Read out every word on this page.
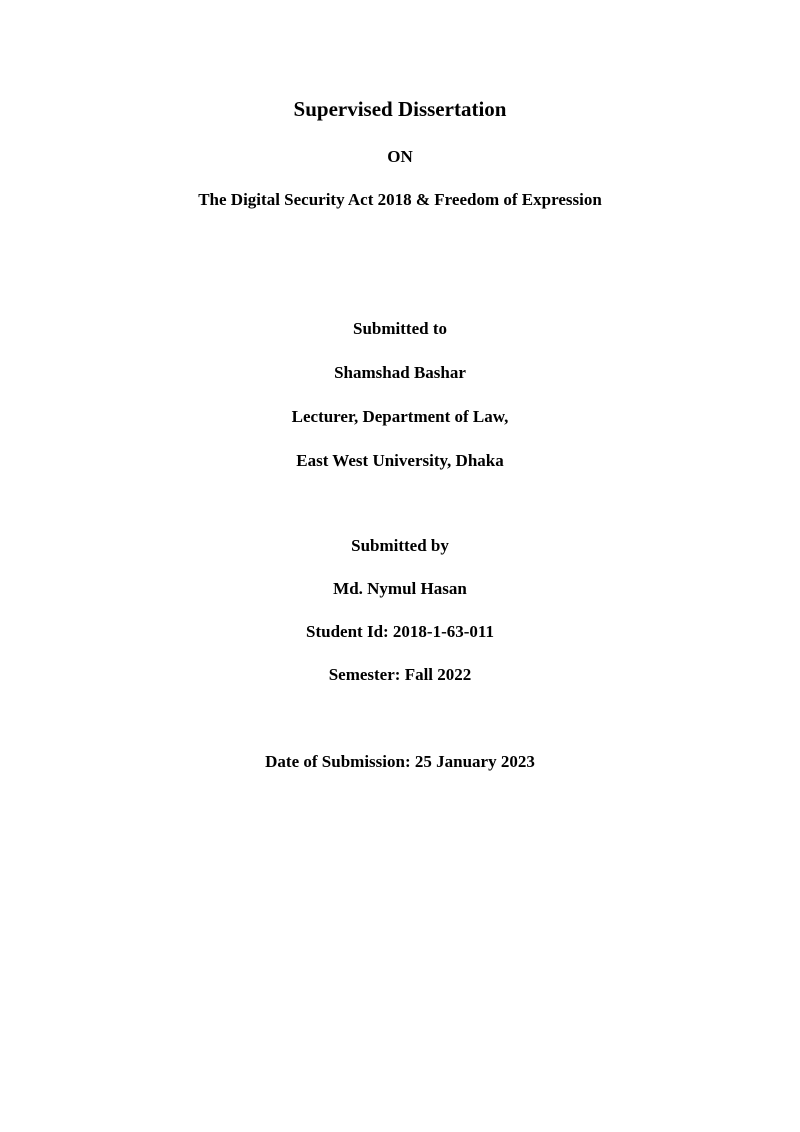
Supervised Dissertation
ON
The Digital Security Act 2018 & Freedom of Expression
Submitted to
Shamshad Bashar
Lecturer, Department of Law,
East West University, Dhaka
Submitted by
Md. Nymul Hasan
Student Id: 2018-1-63-011
Semester: Fall 2022
Date of Submission: 25 January 2023
